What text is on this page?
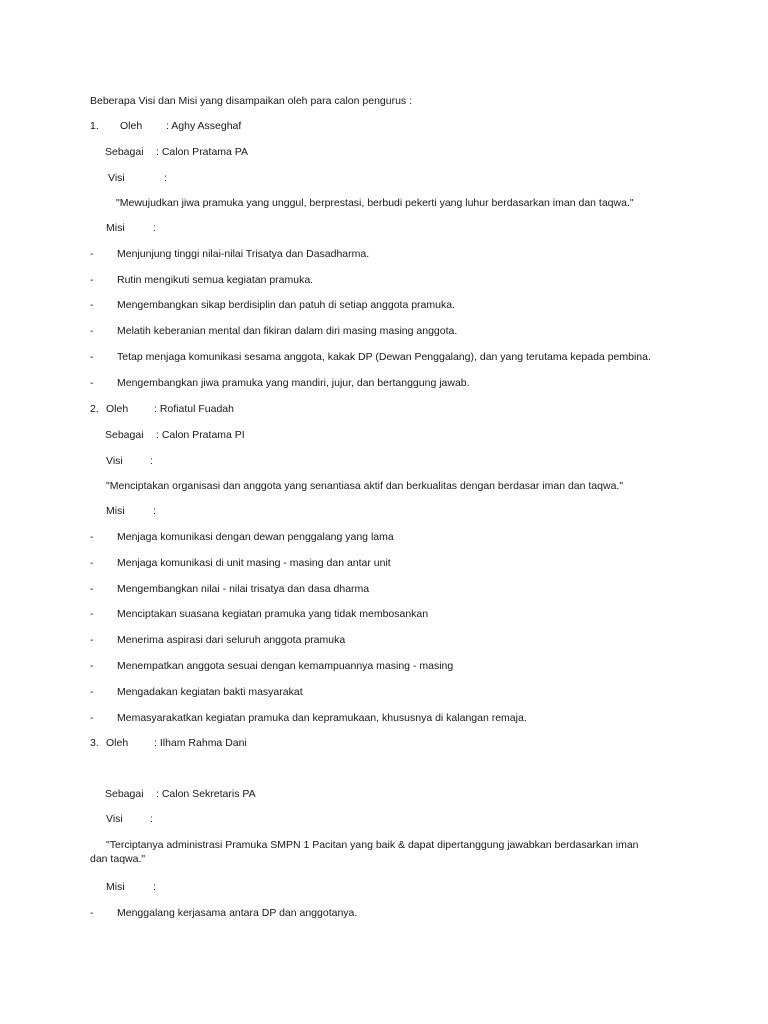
Beberapa Visi dan Misi yang disampaikan oleh para calon pengurus :
1. Oleh : Aghy Asseghaf
Sebagai : Calon Pratama PA
Visi	:
"Mewujudkan jiwa pramuka yang unggul, berprestasi, berbudi pekerti yang luhur berdasarkan iman dan taqwa."
Misi	:
- Menjunjung tinggi nilai-nilai Trisatya dan Dasadharma.
- Rutin mengikuti semua kegiatan pramuka.
- Mengembangkan sikap berdisiplin dan patuh di setiap anggota pramuka.
- Melatih keberanian mental dan fikiran dalam diri masing masing anggota.
- Tetap menjaga komunikasi sesama anggota, kakak DP (Dewan Penggalang), dan yang terutama kepada pembina.
- Mengembangkan jiwa pramuka yang mandiri, jujur, dan bertanggung jawab.
2. Oleh : Rofiatul Fuadah
Sebagai : Calon Pratama PI
Visi	:
"Menciptakan organisasi dan anggota yang senantiasa aktif dan berkualitas dengan berdasar iman dan taqwa."
Misi	:
- Menjaga komunikasi dengan dewan penggalang yang lama
- Menjaga komunikasi di unit masing - masing dan antar unit
- Mengembangkan nilai - nilai trisatya dan dasa dharma
- Menciptakan suasana kegiatan pramuka yang tidak membosankan
- Menerima aspirasi dari seluruh anggota pramuka
- Menempatkan anggota sesuai dengan kemampuannya masing - masing
- Mengadakan kegiatan bakti masyarakat
- Memasyarakatkan kegiatan pramuka dan kepramukaan, khususnya di kalangan remaja.
3. Oleh : Ilham Rahma Dani
Sebagai : Calon Sekretaris PA
Visi	:
"Terciptanya administrasi Pramuka SMPN 1 Pacitan yang baik & dapat dipertanggung jawabkan berdasarkan iman dan taqwa."
Misi	:
- Menggalang kerjasama antara DP dan anggotanya.
